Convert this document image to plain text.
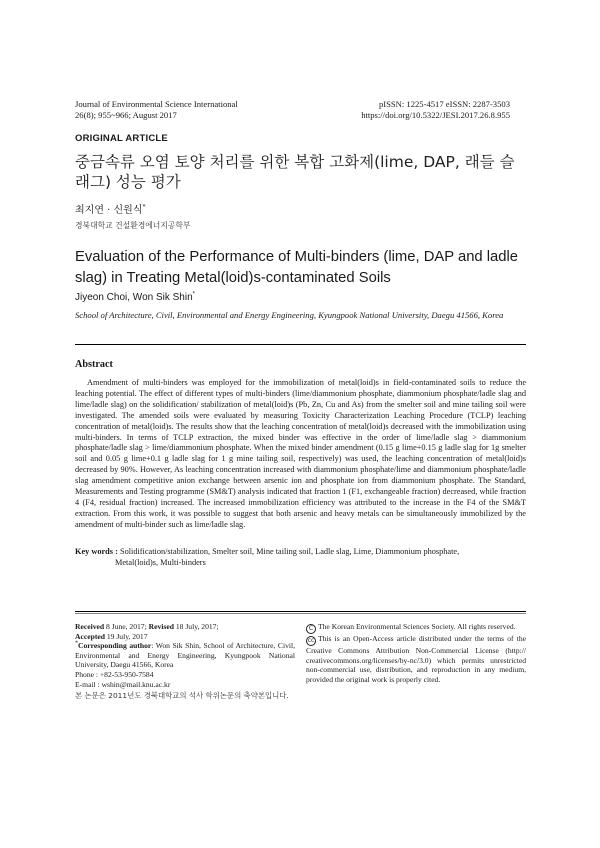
Journal of Environmental Science International
26(8); 955~966; August 2017
pISSN: 1225-4517 eISSN: 2287-3503
https://doi.org/10.5322/JESI.2017.26.8.955
ORIGINAL ARTICLE
중금속류 오염 토양 처리를 위한 복합 고화제(lime, DAP, 래들 슬래그) 성능 평가
최지연 · 신원식*
경북대학교 건설환경에너지공학부
Evaluation of the Performance of Multi-binders (lime, DAP and ladle slag) in Treating Metal(loid)s-contaminated Soils
Jiyeon Choi, Won Sik Shin*
School of Architecture, Civil, Environmental and Energy Engineering, Kyungpook National University, Daegu 41566, Korea
Abstract
Amendment of multi-binders was employed for the immobilization of metal(loid)s in field-contaminated soils to reduce the leaching potential. The effect of different types of multi-binders (lime/diammonium phosphate, diammonium phosphate/ladle slag and lime/ladle slag) on the solidification/ stabilization of metal(loid)s (Pb, Zn, Cu and As) from the smelter soil and mine tailing soil were investigated. The amended soils were evaluated by measuring Toxicity Characterization Leaching Procedure (TCLP) leaching concentration of metal(loid)s. The results show that the leaching concentration of metal(loid)s decreased with the immobilization using multi-binders. In terms of TCLP extraction, the mixed binder was effective in the order of lime/ladle slag > diammonium phosphate/ladle slag > lime/diammonium phosphate. When the mixed binder amendment (0.15 g lime+0.15 g ladle slag for 1g smelter soil and 0.05 g lime+0.1 g ladle slag for 1 g mine tailing soil, respectively) was used, the leaching concentration of metal(loid)s decreased by 90%. However, As leaching concentration increased with diammonium phosphate/lime and diammonium phosphate/ladle slag amendment competitive anion exchange between arsenic ion and phosphate ion from diammonium phosphate. The Standard, Measurements and Testing programme (SM&T) analysis indicated that fraction 1 (F1, exchangeable fraction) decreased, while fraction 4 (F4, residual fraction) increased. The increased immobilization efficiency was attributed to the increase in the F4 of the SM&T extraction. From this work, it was possible to suggest that both arsenic and heavy metals can be simultaneously immobilized by the amendment of multi-binder such as lime/ladle slag.
Key words : Solidification/stabilization, Smelter soil, Mine tailing soil, Ladle slag, Lime, Diammonium phosphate,
Metal(loid)s, Multi-binders
Received 8 June, 2017; Revised 18 July, 2017;
Accepted 19 July, 2017
*Corresponding author: Won Sik Shin, School of Architecture, Civil, Environmental and Energy Engineering, Kyungpook National University, Daegu 41566, Korea
Phone : +82-53-950-7584
E-mail : wshin@mail.knu.ac.kr
C The Korean Environmental Sciences Society. All rights reserved.
cc This is an Open-Access article distributed under the terms of the Creative Commons Attribution Non-Commercial License (http:// creativecommons.org/licenses/by-nc/3.0) which permits unrestricted non-commercial use, distribution, and reproduction in any medium, provided the original work is properly cited.
본 논문은 2011년도 경북대학교의 석사 학위논문의 축약본입니다.
